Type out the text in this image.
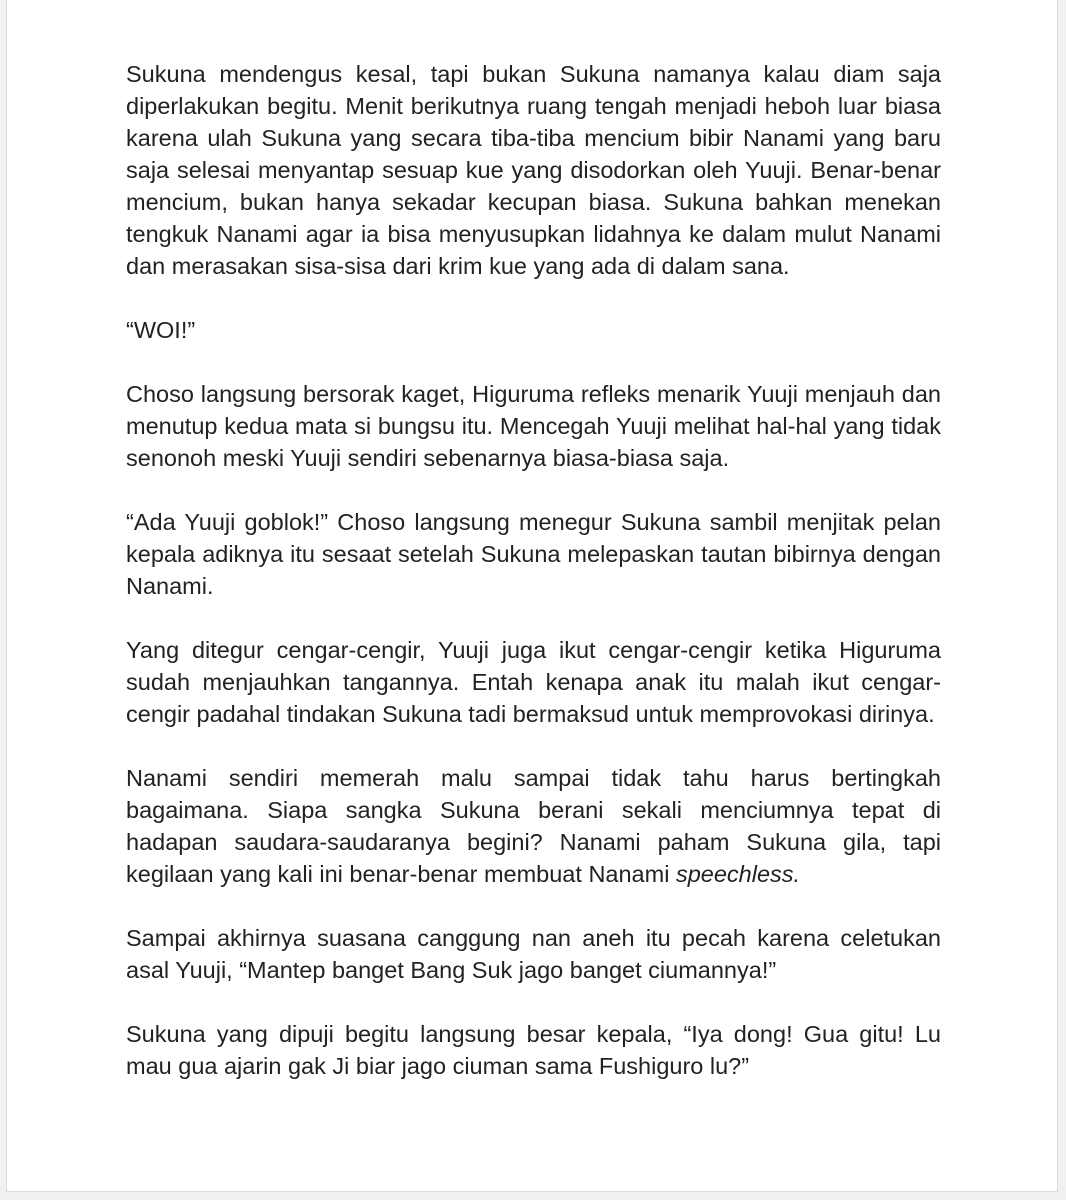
Sukuna mendengus kesal, tapi bukan Sukuna namanya kalau diam saja diperlakukan begitu. Menit berikutnya ruang tengah menjadi heboh luar biasa karena ulah Sukuna yang secara tiba-tiba mencium bibir Nanami yang baru saja selesai menyantap sesuap kue yang disodorkan oleh Yuuji. Benar-benar mencium, bukan hanya sekadar kecupan biasa. Sukuna bahkan menekan tengkuk Nanami agar ia bisa menyusupkan lidahnya ke dalam mulut Nanami dan merasakan sisa-sisa dari krim kue yang ada di dalam sana.

“WOI!”

Choso langsung bersorak kaget, Higuruma refleks menarik Yuuji menjauh dan menutup kedua mata si bungsu itu. Mencegah Yuuji melihat hal-hal yang tidak senonoh meski Yuuji sendiri sebenarnya biasa-biasa saja.

“Ada Yuuji goblok!” Choso langsung menegur Sukuna sambil menjitak pelan kepala adiknya itu sesaat setelah Sukuna melepaskan tautan bibirnya dengan Nanami.

Yang ditegur cengar-cengir, Yuuji juga ikut cengar-cengir ketika Higuruma sudah menjauhkan tangannya. Entah kenapa anak itu malah ikut cengar-cengir padahal tindakan Sukuna tadi bermaksud untuk memprovokasi dirinya.

Nanami sendiri memerah malu sampai tidak tahu harus bertingkah bagaimana. Siapa sangka Sukuna berani sekali menciumnya tepat di hadapan saudara-saudaranya begini? Nanami paham Sukuna gila, tapi kegilaan yang kali ini benar-benar membuat Nanami speechless.

Sampai akhirnya suasana canggung nan aneh itu pecah karena celetukan asal Yuuji, “Mantep banget Bang Suk jago banget ciumannya!”

Sukuna yang dipuji begitu langsung besar kepala, “Iya dong! Gua gitu! Lu mau gua ajarin gak Ji biar jago ciuman sama Fushiguro lu?”
